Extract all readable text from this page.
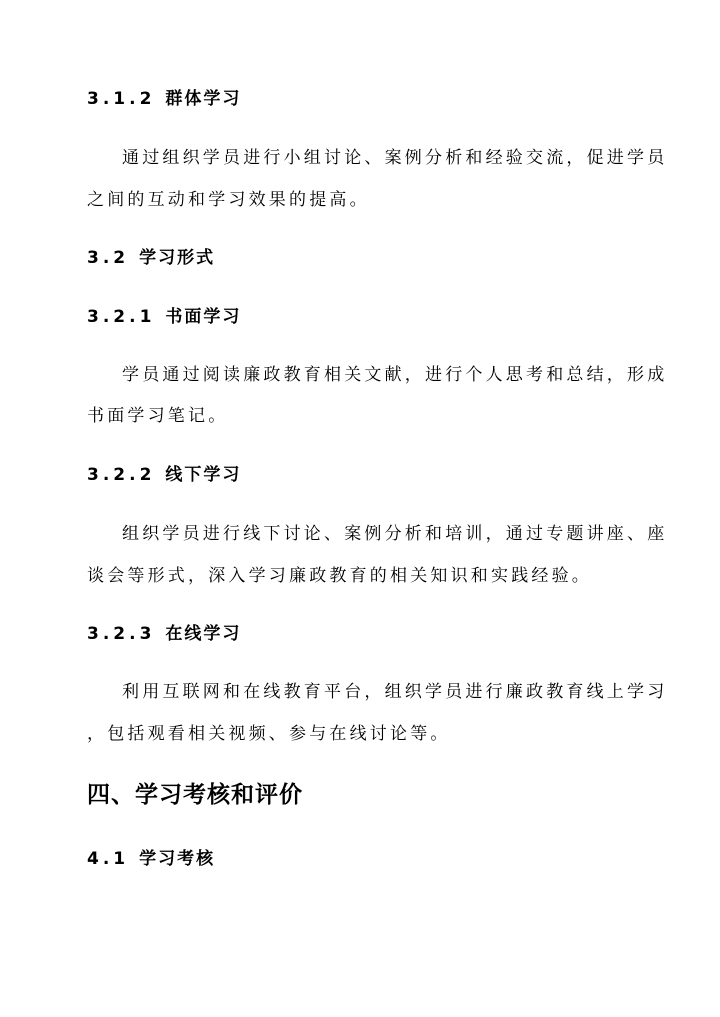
3.1.2 群体学习
通过组织学员进行小组讨论、案例分析和经验交流，促进学员
之间的互动和学习效果的提高。
3.2 学习形式
3.2.1 书面学习
学员通过阅读廉政教育相关文献，进行个人思考和总结，形成
书面学习笔记。
3.2.2 线下学习
组织学员进行线下讨论、案例分析和培训，通过专题讲座、座
谈会等形式，深入学习廉政教育的相关知识和实践经验。
3.2.3 在线学习
利用互联网和在线教育平台，组织学员进行廉政教育线上学习
，包括观看相关视频、参与在线讨论等。
四、学习考核和评价
4.1 学习考核
